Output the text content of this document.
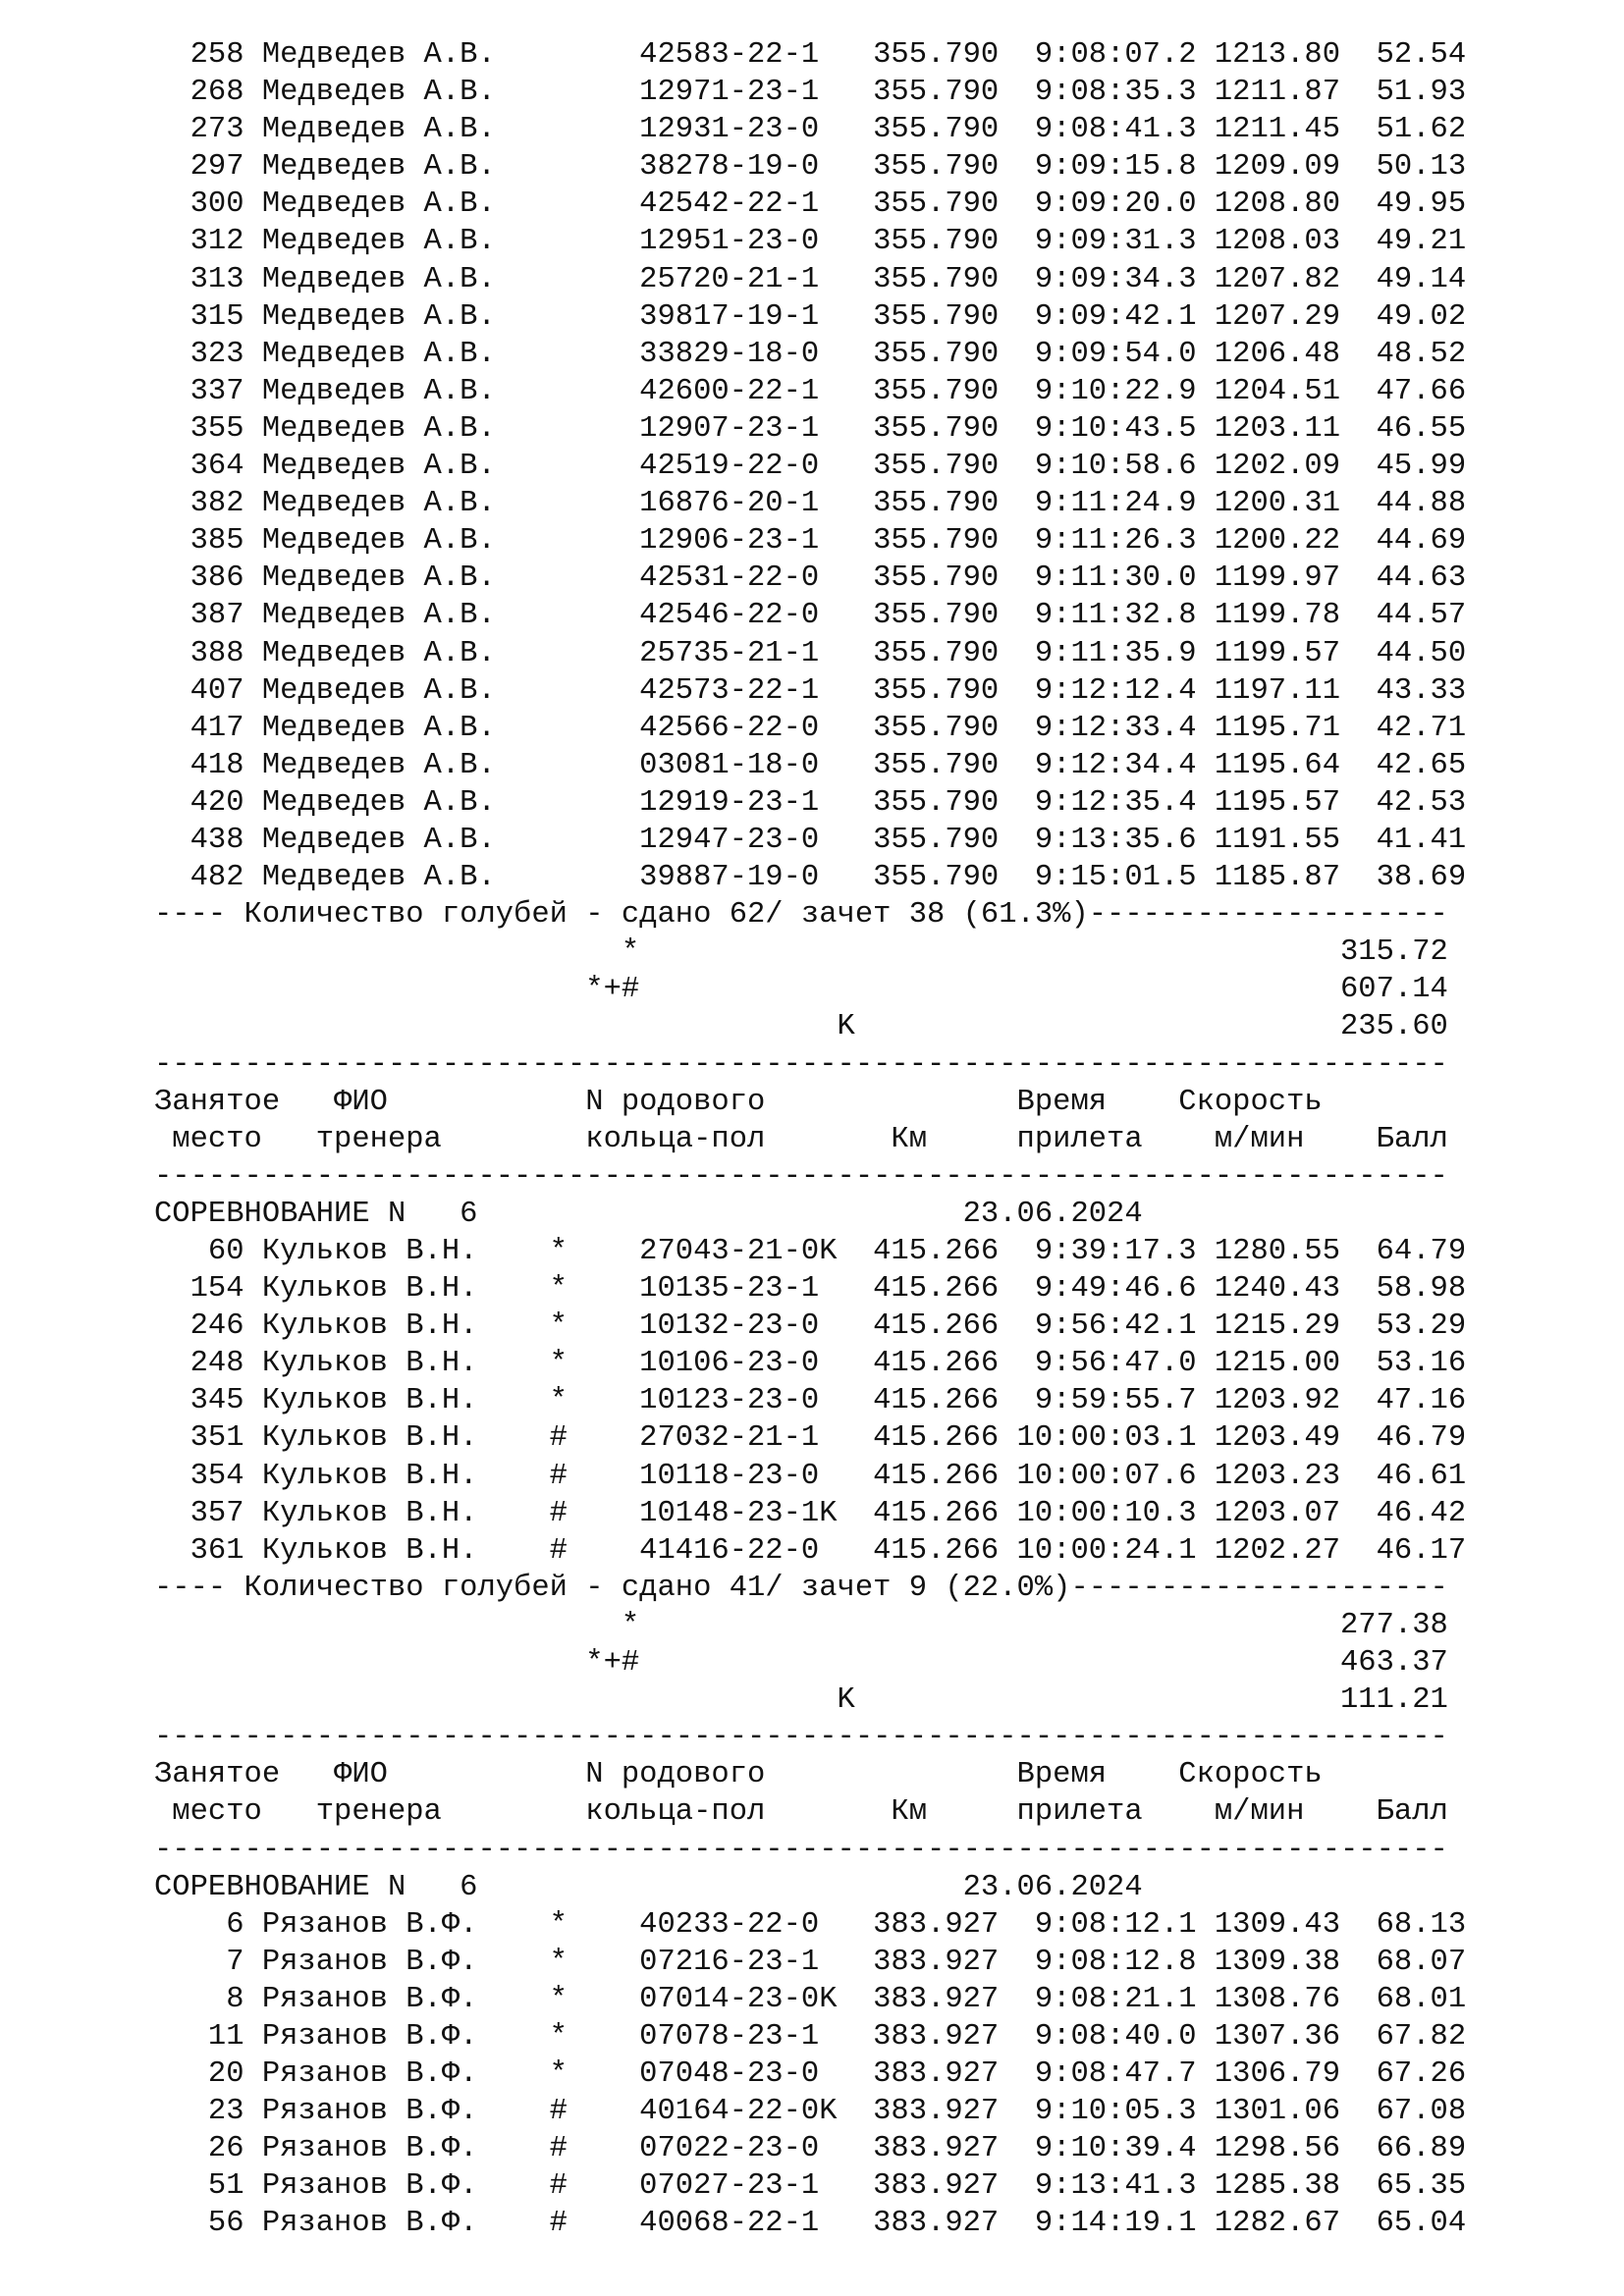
258 Медведев А.В.        42583-22-1   355.790  9:08:07.2 1213.80  52.54
268 Медведев А.В.        12971-23-1   355.790  9:08:35.3 1211.87  51.93
273 Медведев А.В.        12931-23-0   355.790  9:08:41.3 1211.45  51.62
297 Медведев А.В.        38278-19-0   355.790  9:09:15.8 1209.09  50.13
300 Медведев А.В.        42542-22-1   355.790  9:09:20.0 1208.80  49.95
312 Медведев А.В.        12951-23-0   355.790  9:09:31.3 1208.03  49.21
313 Медведев А.В.        25720-21-1   355.790  9:09:34.3 1207.82  49.14
315 Медведев А.В.        39817-19-1   355.790  9:09:42.1 1207.29  49.02
323 Медведев А.В.        33829-18-0   355.790  9:09:54.0 1206.48  48.52
337 Медведев А.В.        42600-22-1   355.790  9:10:22.9 1204.51  47.66
355 Медведев А.В.        12907-23-1   355.790  9:10:43.5 1203.11  46.55
364 Медведев А.В.        42519-22-0   355.790  9:10:58.6 1202.09  45.99
382 Медведев А.В.        16876-20-1   355.790  9:11:24.9 1200.31  44.88
385 Медведев А.В.        12906-23-1   355.790  9:11:26.3 1200.22  44.69
386 Медведев А.В.        42531-22-0   355.790  9:11:30.0 1199.97  44.63
387 Медведев А.В.        42546-22-0   355.790  9:11:32.8 1199.78  44.57
388 Медведев А.В.        25735-21-1   355.790  9:11:35.9 1199.57  44.50
407 Медведев А.В.        42573-22-1   355.790  9:12:12.4 1197.11  43.33
417 Медведев А.В.        42566-22-0   355.790  9:12:33.4 1195.71  42.71
418 Медведев А.В.        03081-18-0   355.790  9:12:34.4 1195.64  42.65
420 Медведев А.В.        12919-23-1   355.790  9:12:35.4 1195.57  42.53
438 Медведев А.В.        12947-23-0   355.790  9:13:35.6 1191.55  41.41
482 Медведев А.В.        39887-19-0   355.790  9:15:01.5 1185.87  38.69
---- Количество голубей - сдано 62/ зачет 38 (61.3%)--------------------
*                                       315.72
*+#                                       607.14
K                           235.60
------------------------------------------------------------------------
Занятое   ФИО           N родового              Время    Скорость
место   тренера        кольца-пол       Км     прилета    м/мин    Балл
------------------------------------------------------------------------
СОРЕВНОВАНИЕ N   6                           23.06.2024
60 Кульков В.Н.    *    27043-21-0K  415.266  9:39:17.3 1280.55  64.79
154 Кульков В.Н.    *    10135-23-1   415.266  9:49:46.6 1240.43  58.98
246 Кульков В.Н.    *    10132-23-0   415.266  9:56:42.1 1215.29  53.29
248 Кульков В.Н.    *    10106-23-0   415.266  9:56:47.0 1215.00  53.16
345 Кульков В.Н.    *    10123-23-0   415.266  9:59:55.7 1203.92  47.16
351 Кульков В.Н.    #    27032-21-1   415.266 10:00:03.1 1203.49  46.79
354 Кульков В.Н.    #    10118-23-0   415.266 10:00:07.6 1203.23  46.61
357 Кульков В.Н.    #    10148-23-1K  415.266 10:00:10.3 1203.07  46.42
361 Кульков В.Н.    #    41416-22-0   415.266 10:00:24.1 1202.27  46.17
---- Количество голубей - сдано 41/ зачет 9 (22.0%)---------------------
*                                       277.38
*+#                                       463.37
K                           111.21
------------------------------------------------------------------------
Занятое   ФИО           N родового              Время    Скорость
место   тренера        кольца-пол       Км     прилета    м/мин    Балл
------------------------------------------------------------------------
СОРЕВНОВАНИЕ N   6                           23.06.2024
6 Рязанов В.Ф.    *    40233-22-0   383.927  9:08:12.1 1309.43  68.13
7 Рязанов В.Ф.    *    07216-23-1   383.927  9:08:12.8 1309.38  68.07
8 Рязанов В.Ф.    *    07014-23-0K  383.927  9:08:21.1 1308.76  68.01
11 Рязанов В.Ф.    *    07078-23-1   383.927  9:08:40.0 1307.36  67.82
20 Рязанов В.Ф.    *    07048-23-0   383.927  9:08:47.7 1306.79  67.26
23 Рязанов В.Ф.    #    40164-22-0K  383.927  9:10:05.3 1301.06  67.08
26 Рязанов В.Ф.    #    07022-23-0   383.927  9:10:39.4 1298.56  66.89
51 Рязанов В.Ф.    #    07027-23-1   383.927  9:13:41.3 1285.38  65.35
56 Рязанов В.Ф.    #    40068-22-1   383.927  9:14:19.1 1282.67  65.04
